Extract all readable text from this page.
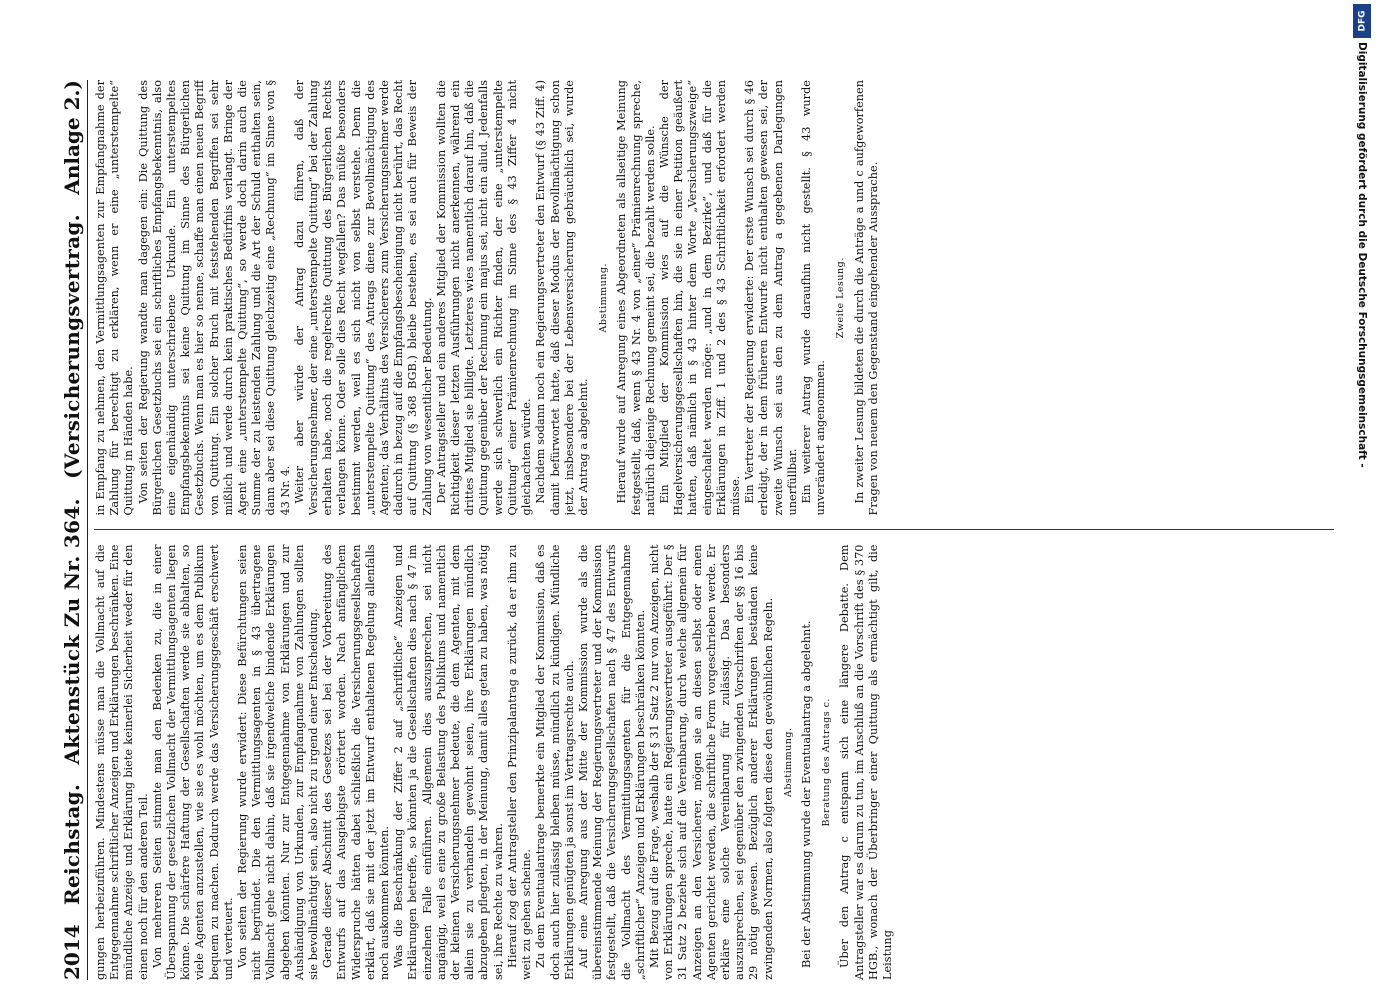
2014
Reichstag.
Aktenstück Zu Nr. 364.
(Versicherungsvertrag.
Anlage 2.)

gungen herbeizuführen. Mindestens müsse man die Vollmacht auf die Entgegennahme schriftlicher Anzeigen und Erklärungen beschränken. Eine mündliche Anzeige und Erklärung biete keinerlei Sicherheit weder für den einen noch für den anderen Teil. Von mehreren Seiten stimmte man den Bedenken zu, die in einer Überspannung der gesetzlichen Vollmacht der Vermittlungsagenten liegen könne. Die schärfere Haftung der Gesellschaften werde sie abhalten, so viele Agenten anzustellen, wie sie es wohl möchten, um es dem Publikum bequem zu machen. Dadurch werde das Versicherungsgeschäft erschwert und verteuert. Von seiten der Regierung wurde erwidert: Diese Befürchtungen seien nicht begründet. Die den Vermittlungsagenten in § 43 übertragene Vollmacht gehe nicht dahin, daß sie irgendwelche bindende Erklärungen abgeben könnten. Nur zur Entgegennahme von Erklärungen und zur Aushändigung von Urkunden, zur Empfangnahme von Zahlungen sollten sie bevollmächtigt sein, also nicht zu irgend einer Entscheidung. Gerade dieser Abschnitt des Gesetzes sei bei der Vorbereitung des Entwurfs auf das Ausgiebigste erörtert worden. Nach anfänglichem Widerspruche hätten dabei schließlich die Versicherungsgesellschaften erklärt, daß sie mit der jetzt im Entwurf enthaltenen Regelung allenfalls noch auskommen könnten. Was die Beschränkung der Ziffer 2 auf „schriftliche“ Anzeigen und Erklärungen betreffe, so könnten ja die Gesellschaften dies nach § 47 im einzelnen Falle einführen. Allgemein dies auszusprechen, sei nicht angängig, weil es eine zu große Belastung des Publikums und namentlich der kleinen Versicherungsnehmer bedeute, die dem Agenten, mit dem allein sie zu verhandeln gewohnt seien, ihre Erklärungen mündlich abzugeben pflegten, in der Meinung, damit alles getan zu haben, was nötig sei, ihre Rechte zu wahren. Hierauf zog der Antragsteller den Prinzipalantrag a zurück, da er ihm zu weit zu gehen scheine. Zu dem Eventualantrage bemerkte ein Mitglied der Kommission, daß es doch auch hier zulässig bleiben müsse, mündlich zu kündigen. Mündliche Erklärungen genügten ja sonst im Vertragsrechte auch. Auf eine Anregung aus der Mitte der Kommission wurde als die übereinstimmende Meinung der Regierungsvertreter und der Kommission festgestellt, daß die Versicherungsgesellschaften nach § 47 des Entwurfs die Vollmacht des Vermittlungsagenten für die Entgegennahme „schriftlicher“ Anzeigen und Erklärungen beschränken könnten. Mit Bezug auf die Frage, weshalb der § 31 Satz 2 nur von Anzeigen, nicht von Erklärungen spreche, hatte ein Regierungsvertreter ausgeführt: Der § 31 Satz 2 beziehe sich auf die Vereinbarung, durch welche allgemein für Anzeigen an den Versicherer, mögen sie an diesen selbst oder einen Agenten gerichtet werden, die schriftliche Form vorgeschrieben werde. Er erkläre eine solche Vereinbarung für zulässig. Das besonders auszusprechen, sei gegenüber den zwingenden Vorschriften der §§ 16 bis 29 nötig gewesen. Bezüglich anderer Erklärungen beständen keine zwingenden Normen, also folgten diese den gewöhnlichen Regeln. Abstimmung. Bei der Abstimmung wurde der Eventualantrag a abgelehnt. Beratung des Antrags c. Über den Antrag c entspann sich eine längere Debatte. Dem Antragsteller war es darum zu tun, im Anschluß an die Vorschrift des § 370 HGB., wonach der Überbringer einer Quittung als ermächtigt gilt, die Leistung

in Empfang zu nehmen, den Vermittlungsagenten zur Empfangnahme der Zahlung für berechtigt zu erklären, wenn er eine „unterstempelte“ Quittung in Händen habe. Von seiten der Regierung wandte man dagegen ein: Die Quittung des Bürgerlichen Gesetzbuchs sei ein schriftliches Empfangsbekenntnis, also eine eigenhändig unterschriebene Urkunde. Ein unterstempeltes Empfangsbekenntnis sei keine Quittung im Sinne des Bürgerlichen Gesetzbuchs. Wenn man es hier so nenne, schaffe man einen neuen Begriff von Quittung. Ein solcher Bruch mit feststehenden Begriffen sei sehr mißlich und werde durch kein praktisches Bedürfnis verlangt. Bringe der Agent eine „unterstempelte Quittung“, so werde doch darin auch die Summe der zu leistenden Zahlung und die Art der Schuld enthalten sein, dann aber sei diese Quittung gleichzeitig eine „Rechnung“ im Sinne von § 43 Nr. 4. Weiter aber würde der Antrag dazu führen, daß der Versicherungsnehmer, der eine „unterstempelte Quittung“ bei der Zahlung erhalten habe, noch die regelrechte Quittung des Bürgerlichen Rechts verlangen könne. Oder solle dies Recht wegfallen? Das müßte besonders bestimmt werden, weil es sich nicht von selbst verstehe. Denn die „unterstempelte Quittung“ des Antrags diene zur Bevollmächtigung des Agenten; das Verhältnis des Versicherers zum Versicherungsnehmer werde dadurch in bezug auf die Empfangsbescheinigung nicht berührt, das Recht auf Quittung (§ 368 BGB.) bleibe bestehen, es sei auch für Beweis der Zahlung von wesentlicher Bedeutung. Der Antragsteller und ein anderes Mitglied der Kommission wollten die Richtigkeit dieser letzten Ausführungen nicht anerkennen, während ein drittes Mitglied sie billigte. Letzteres wies namentlich darauf hin, daß die Quittung gegenüber der Rechnung ein majus sei, nicht ein aliud. Jedenfalls werde sich schwerlich ein Richter finden, der eine „unterstempelte Quittung“ einer Prämienrechnung im Sinne des § 43 Ziffer 4 nicht gleichachten würde. Nachdem sodann noch ein Regierungsvertreter den Entwurf (§ 43 Ziff. 4) damit befürwortet hatte, daß dieser Modus der Bevollmächtigung schon jetzt, insbesondere bei der Lebensversicherung gebräuchlich sei, wurde der Antrag a abgelehnt.

Abstimmung. Hierauf wurde auf Anregung eines Abgeordneten als allseitige Meinung festgestellt, daß, wenn § 43 Nr. 4 von „einer“ Prämienrechnung spreche, natürlich diejenige Rechnung gemeint sei, die bezahlt werden solle. Ein Mitglied der Kommission wies auf die Wünsche der Hagelversicherungsgesellschaften hin, die sie in einer Petition geäußert hatten, daß nämlich in § 43 hinter dem Worte „Versicherungszweige“ eingeschaltet werden möge: „und in dem Bezirke“, und daß für die Erklärungen in Ziff. 1 und 2 des § 43 Schriftlichkeit erfordert werden müsse. Ein Vertreter der Regierung erwiderte: Der erste Wunsch sei durch § 46 erledigt, der in dem früheren Entwurfe nicht enthalten gewesen sei, der zweite Wunsch sei aus den zu dem Antrag a gegebenen Darlegungen unerfüllbar. Ein weiterer Antrag wurde daraufhin nicht gestellt. § 43 wurde unverändert angenommen.

Zweite Lesung. In zweiter Lesung bildeten die durch die Anträge a und c aufgeworfenen Fragen von neuem den Gegenstand eingehender Aussprache.

DFG
Digitalisierung gefördert durch die Deutsche Forschungsgemeinschaft -
